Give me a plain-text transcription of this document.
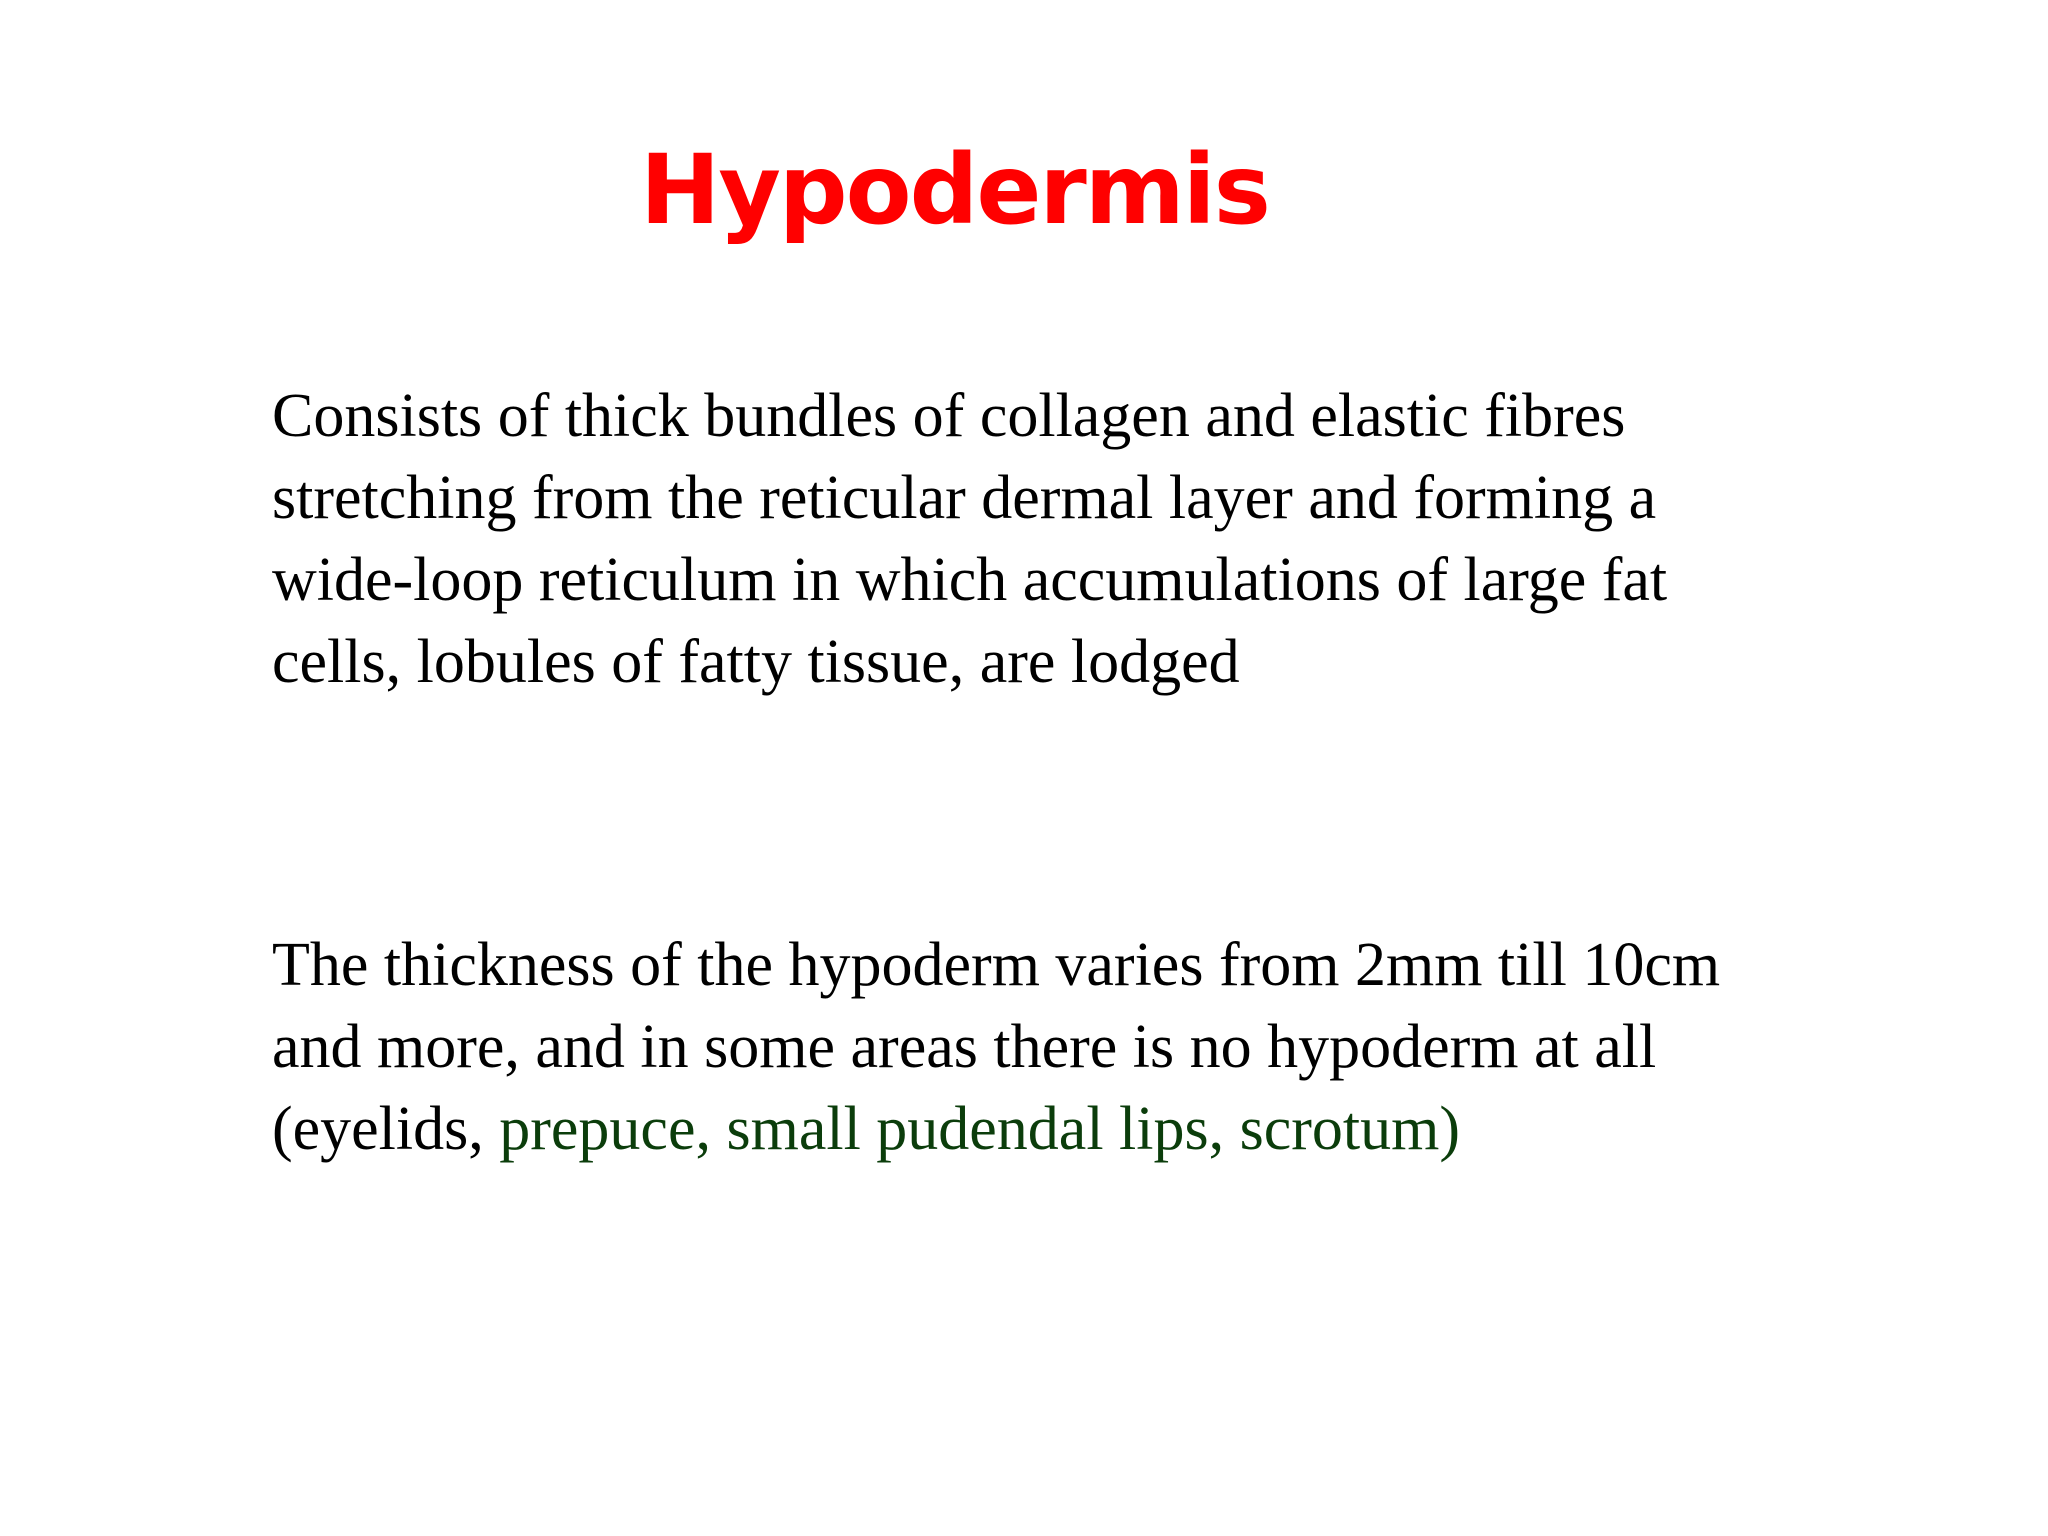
Hypodermis

Consists of thick bundles of collagen and elastic fibres
stretching from the reticular dermal layer and forming a
wide-loop reticulum in which accumulations of large fat
cells, lobules of fatty tissue, are lodged

The thickness of the hypoderm varies from 2mm till 10cm
and more, and in some areas there is no hypoderm at all
(eyelids, prepuce, small pudendal lips, scrotum)
